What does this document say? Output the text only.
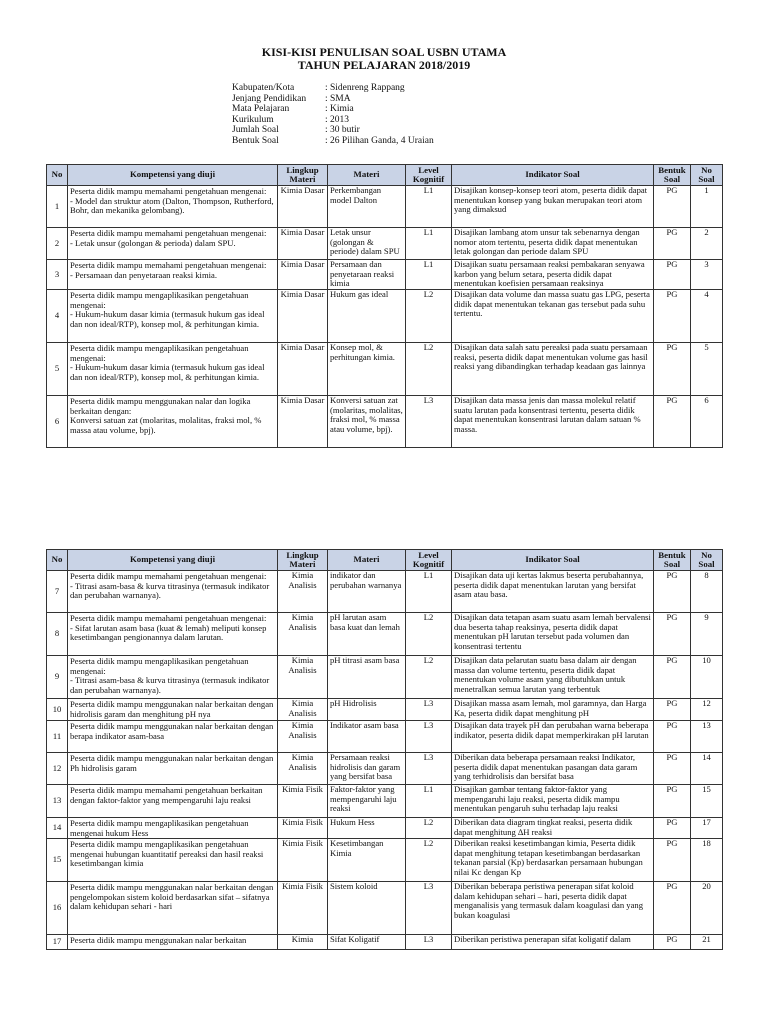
KISI-KISI PENULISAN SOAL USBN UTAMA
TAHUN PELAJARAN 2018/2019
Kabupaten/Kota	: Sidenreng Rappang
Jenjang Pendidikan	: SMA
Mata Pelajaran	: Kimia
Kurikulum	: 2013
Jumlah Soal	: 30 butir
Bentuk Soal	: 26 Pilihan Ganda, 4 Uraian
No	Kompetensi yang diuji	Lingkup Materi	Materi	Level Kognitif	Indikator Soal	Bentuk Soal	No Soal
1	Peserta didik mampu memahami pengetahuan mengenai:
- Model dan struktur atom (Dalton, Thompson, Rutherford, Bohr, dan mekanika gelombang).	Kimia Dasar	Perkembangan model Dalton	L1	Disajikan konsep-konsep teori atom, peserta didik dapat menentukan konsep yang bukan merupakan teori atom yang dimaksud	PG	1
2	Peserta didik mampu memahami pengetahuan mengenai:
- Letak unsur (golongan & perioda) dalam SPU.	Kimia Dasar	Letak unsur (golongan & periode) dalam SPU	L1	Disajikan lambang atom unsur tak sebenarnya dengan nomor atom tertentu, peserta didik dapat menentukan letak golongan dan periode dalam SPU	PG	2
3	Peserta didik mampu memahami pengetahuan mengenai:
- Persamaan dan penyetaraan reaksi kimia.	Kimia Dasar	Persamaan dan penyetaraan reaksi kimia	L1	Disajikan suatu persamaan reaksi pembakaran senyawa karbon yang belum setara, peserta didik dapat menentukan koefisien persamaan reaksinya	PG	3
4	Peserta didik mampu mengaplikasikan pengetahuan mengenai:
- Hukum-hukum dasar kimia (termasuk hukum gas ideal dan non ideal/RTP), konsep mol, & perhitungan kimia.	Kimia Dasar	Hukum gas ideal	L2	Disajikan data volume dan massa suatu gas LPG, peserta didik dapat menentukan tekanan gas tersebut pada suhu tertentu.	PG	4
5	Peserta didik mampu mengaplikasikan pengetahuan mengenai:
- Hukum-hukum dasar kimia (termasuk hukum gas ideal dan non ideal/RTP), konsep mol, & perhitungan kimia.	Kimia Dasar	Konsep mol, & perhitungan kimia.	L2	Disajikan data salah satu pereaksi pada suatu persamaan reaksi, peserta didik dapat menentukan volume gas hasil reaksi yang dibandingkan terhadap keadaan gas lainnya	PG	5
6	Peserta didik mampu menggunakan nalar dan logika berkaitan dengan:
Konversi satuan zat (molaritas, molalitas, fraksi mol, % massa atau volume, bpj).	Kimia Dasar	Konversi satuan zat (molaritas, molalitas, fraksi mol, % massa atau volume, bpj).	L3	Disajikan data massa jenis dan massa molekul relatif suatu larutan pada konsentrasi tertentu, peserta didik dapat menentukan konsentrasi larutan dalam satuan % massa.	PG	6
No	Kompetensi yang diuji	Lingkup Materi	Materi	Level Kognitif	Indikator Soal	Bentuk Soal	No Soal
7	Peserta didik mampu memahami pengetahuan mengenai:
- Titrasi asam-basa & kurva titrasinya (termasuk indikator dan perubahan warnanya).	Kimia Analisis	indikator dan perubahan warnanya	L1	Disajikan data uji kertas lakmus beserta perubahannya, peserta didik dapat menentukan larutan yang bersifat asam atau basa.	PG	8
8	Peserta didik mampu memahami pengetahuan mengenai:
- Sifat larutan asam basa (kuat & lemah) meliputi konsep kesetimbangan pengionannya dalam larutan.	Kimia Analisis	pH larutan asam basa kuat dan lemah	L2	Disajikan data tetapan asam suatu asam lemah bervalensi dua beserta tahap reaksinya, peserta didik dapat menentukan pH larutan tersebut pada volumen dan konsentrasi tertentu	PG	9
9	Peserta didik mampu mengaplikasikan pengetahuan mengenai:
- Titrasi asam-basa & kurva titrasinya (termasuk indikator dan perubahan warnanya).	Kimia Analisis	pH titrasi asam basa	L2	Disajikan data pelarutan suatu basa dalam air dengan massa dan volume tertentu, peserta didik dapat menentukan volume asam yang dibutuhkan untuk menetralkan semua larutan yang terbentuk	PG	10
10	Peserta didik mampu menggunakan nalar berkaitan dengan hidrolisis garam dan menghitung pH nya	Kimia Analisis	pH Hidrolisis	L3	Disajikan massa asam lemah, mol garamnya, dan Harga Ka, peserta didik dapat menghitung pH	PG	12
11	Peserta didik mampu menggunakan nalar berkaitan dengan berapa indikator asam-basa	Kimia Analisis	Indikator asam basa	L3	Disajikan data trayek pH dan perubahan warna beberapa indikator, peserta didik dapat memperkirakan pH larutan	PG	13
12	Peserta didik mampu menggunakan nalar berkaitan dengan Ph hidrolisis garam	Kimia Analisis	Persamaan reaksi hidrolisis dan garam yang bersifat basa	L3	Diberikan data beberapa persamaan reaksi Indikator, peserta didik dapat menentukan pasangan data garam yang terhidrolisis dan bersifat basa	PG	14
13	Peserta didik mampu memahami pengetahuan berkaitan dengan faktor-faktor yang mempengaruhi laju reaksi	Kimia Fisik	Faktor-faktor yang mempengaruhi laju reaksi	L1	Disajikan gambar tentang faktor-faktor yang mempengaruhi laju reaksi, peserta didik mampu menentukan pengaruh suhu terhadap laju reaksi	PG	15
14	Peserta didik mampu mengaplikasikan pengetahuan mengenai hukum Hess	Kimia Fisik	Hukum Hess	L2	Diberikan data diagram tingkat reaksi, peserta didik dapat menghitung ∆H reaksi	PG	17
15	Peserta didik mampu mengaplikasikan pengetahuan mengenai hubungan kuantitatif pereaksi dan hasil reaksi kesetimbangan kimia	Kimia Fisik	Kesetimbangan Kimia	L2	Diberikan reaksi kesetimbangan kimia, Peserta didik dapat menghitung tetapan kesetimbangan berdasarkan tekanan parsial (Kp) berdasarkan persamaan hubungan nilai Kc dengan Kp	PG	18
16	Peserta didik mampu menggunakan nalar berkaitan dengan pengelompokan sistem koloid berdasarkan sifat – sifatnya dalam kehidupan sehari - hari	Kimia Fisik	Sistem koloid	L3	Diberikan beberapa peristiwa penerapan sifat koloid dalam kehidupan sehari – hari, peserta didik dapat menganalisis yang termasuk dalam koagulasi dan yang bukan koagulasi	PG	20
17	Peserta didik mampu menggunakan nalar berkaitan	Kimia	Sifat Koligatif	L3	Diberikan peristiwa penerapan sifat koligatif dalam	PG	21
